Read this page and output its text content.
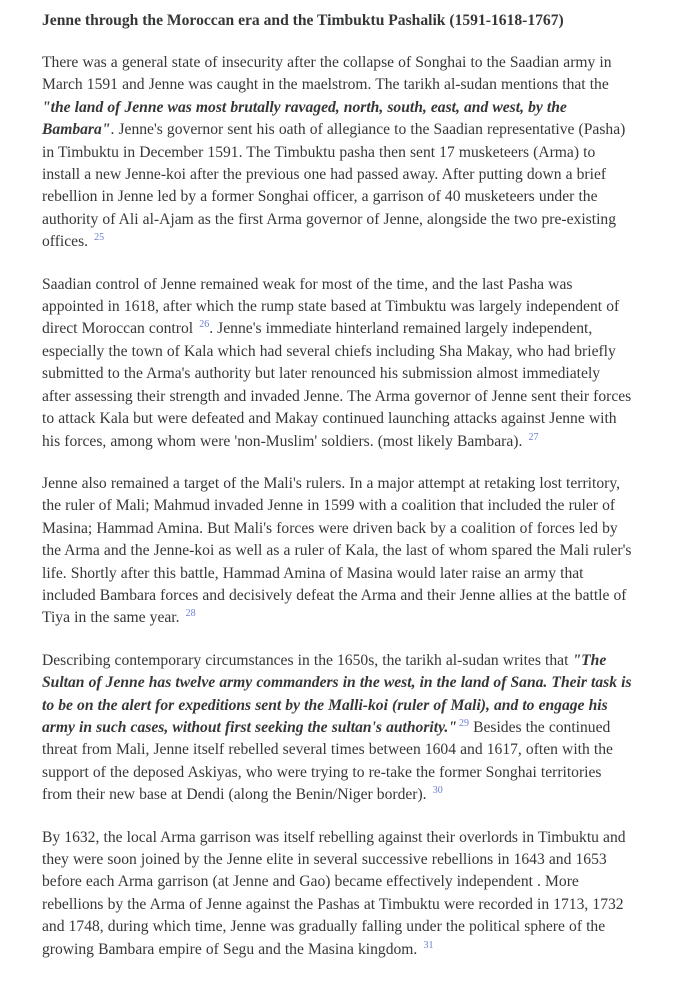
Jenne through the Moroccan era and the Timbuktu Pashalik (1591-1618-1767)

There was a general state of insecurity after the collapse of Songhai to the Saadian army in March 1591 and Jenne was caught in the maelstrom. The tarikh al-sudan mentions that the "the land of Jenne was most brutally ravaged, north, south, east, and west, by the Bambara". Jenne's governor sent his oath of allegiance to the Saadian representative (Pasha) in Timbuktu in December 1591. The Timbuktu pasha then sent 17 musketeers (Arma) to install a new Jenne-koi after the previous one had passed away. After putting down a brief rebellion in Jenne led by a former Songhai officer, a garrison of 40 musketeers under the authority of Ali al-Ajam as the first Arma governor of Jenne, alongside the two pre-existing offices. $^{25}$

Saadian control of Jenne remained weak for most of the time, and the last Pasha was appointed in 1618, after which the rump state based at Timbuktu was largely independent of direct Moroccan control $^{26}$. Jenne's immediate hinterland remained largely independent, especially the town of Kala which had several chiefs including Sha Makay, who had briefly submitted to the Arma's authority but later renounced his submission almost immediately after assessing their strength and invaded Jenne. The Arma governor of Jenne sent their forces to attack Kala but were defeated and Makay continued launching attacks against Jenne with his forces, among whom were 'non-Muslim' soldiers. (most likely Bambara). $^{27}$

Jenne also remained a target of the Mali's rulers. In a major attempt at retaking lost territory, the ruler of Mali; Mahmud invaded Jenne in 1599 with a coalition that included the ruler of Masina; Hammad Amina. But Mali's forces were driven back by a coalition of forces led by the Arma and the Jenne-koi as well as a ruler of Kala, the last of whom spared the Mali ruler's life. Shortly after this battle, Hammad Amina of Masina would later raise an army that included Bambara forces and decisively defeat the Arma and their Jenne allies at the battle of Tiya in the same year. $^{28}$

Describing contemporary circumstances in the 1650s, the tarikh al-sudan writes that "The Sultan of Jenne has twelve army commanders in the west, in the land of Sana. Their task is to be on the alert for expeditions sent by the Malli-koi (ruler of Mali), and to engage his army in such cases, without first seeking the sultan's authority." $^{29}$ Besides the continued threat from Mali, Jenne itself rebelled several times between 1604 and 1617, often with the support of the deposed Askiyas, who were trying to re-take the former Songhai territories from their new base at Dendi (along the Benin/Niger border). $^{30}$

By 1632, the local Arma garrison was itself rebelling against their overlords in Timbuktu and they were soon joined by the Jenne elite in several successive rebellions in 1643 and 1653 before each Arma garrison (at Jenne and Gao) became effectively independent . More rebellions by the Arma of Jenne against the Pashas at Timbuktu were recorded in 1713, 1732 and 1748, during which time, Jenne was gradually falling under the political sphere of the growing Bambara empire of Segu and the Masina kingdom. $^{31}$
